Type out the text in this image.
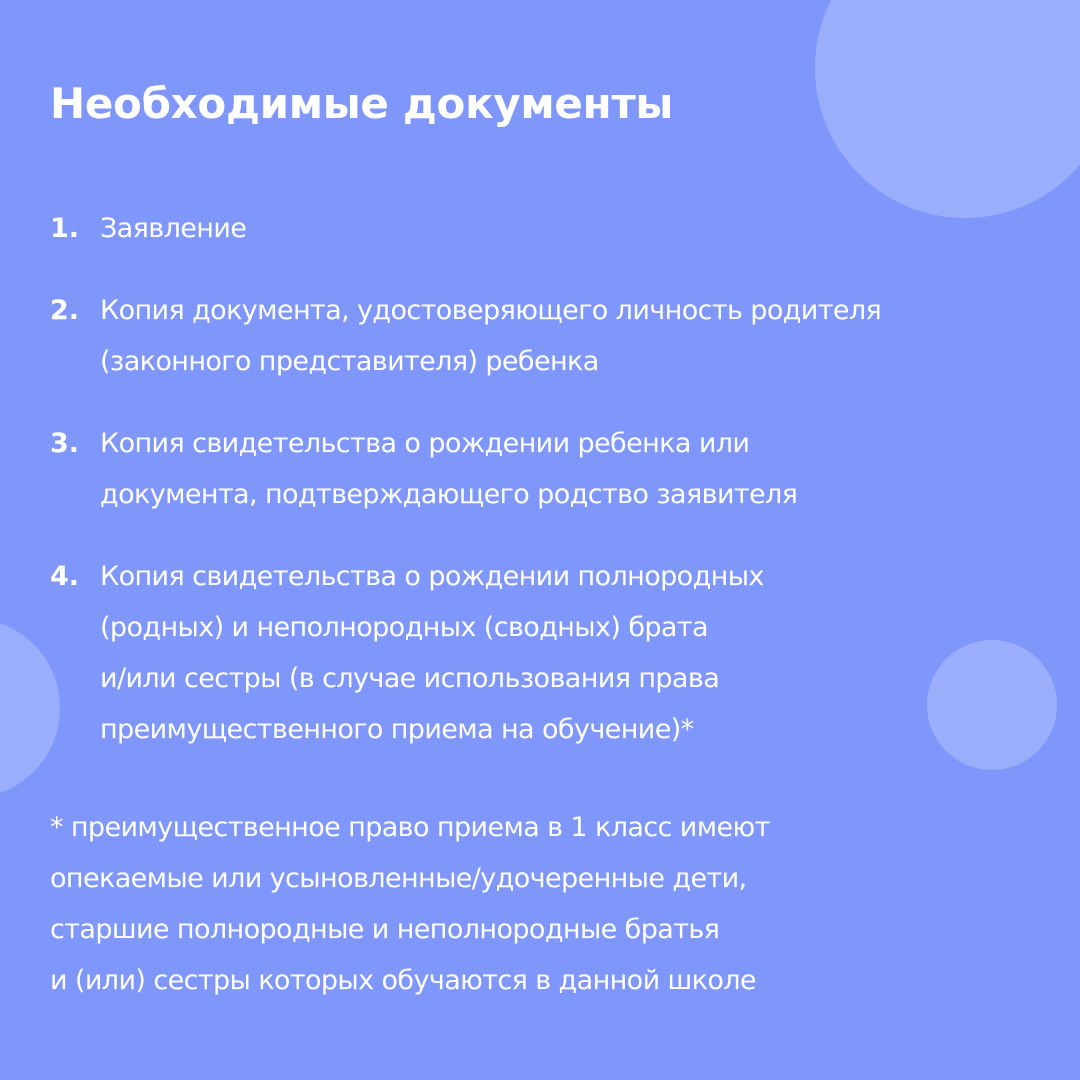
Необходимые документы
1. Заявление
2. Копия документа, удостоверяющего личность родителя
(законного представителя) ребенка
3. Копия свидетельства о рождении ребенка или
документа, подтверждающего родство заявителя
4. Копия свидетельства о рождении полнородных
(родных) и неполнородных (сводных) брата
и/или сестры (в случае использования права
преимущественного приема на обучение)*

* преимущественное право приема в 1 класс имеют
опекаемые или усыновленные/удочеренные дети,
старшие полнородные и неполнородные братья
и (или) сестры которых обучаются в данной школе
